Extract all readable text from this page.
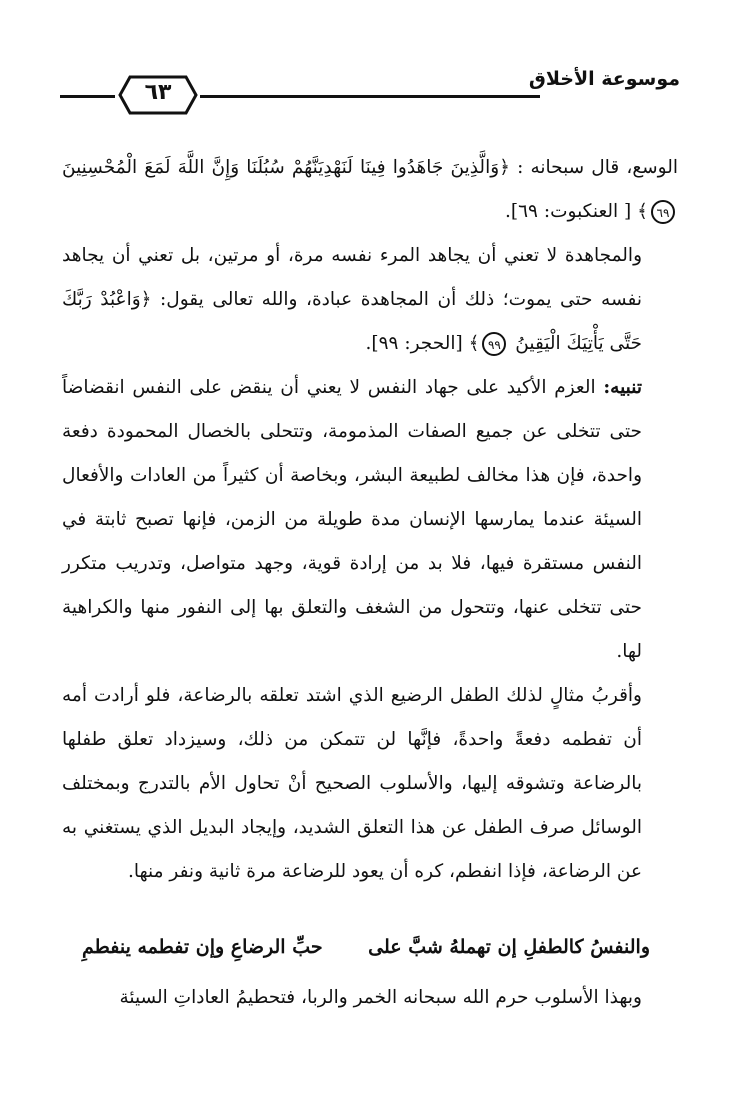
موسوعة الأخلاق
٦٣

الوسع، قال سبحانه : ﴿وَالَّذِينَ جَاهَدُوا فِينَا لَنَهْدِيَنَّهُمْ سُبُلَنَا وَإِنَّ اللَّهَ لَمَعَ الْمُحْسِنِينَ ٦٩﴾ [ العنكبوت: ٦٩].

والمجاهدة لا تعني أن يجاهد المرء نفسه مرة، أو مرتين، بل تعني أن يجاهد نفسه حتى يموت؛ ذلك أن المجاهدة عبادة، والله تعالى يقول: ﴿وَاعْبُدْ رَبَّكَ حَتَّى يَأْتِيَكَ الْيَقِينُ ٩٩﴾ [الحجر: ٩٩].

تنبيه: العزم الأكيد على جهاد النفس لا يعني أن ينقض على النفس انقضاضاً حتى تتخلى عن جميع الصفات المذمومة، وتتحلى بالخصال المحمودة دفعة واحدة، فإن هذا مخالف لطبيعة البشر، وبخاصة أن كثيراً من العادات والأفعال السيئة عندما يمارسها الإنسان مدة طويلة من الزمن، فإنها تصبح ثابتة في النفس مستقرة فيها، فلا بد من إرادة قوية، وجهد متواصل، وتدريب متكرر حتى تتخلى عنها، وتتحول من الشغف والتعلق بها إلى النفور منها والكراهية لها.

وأقربُ مثالٍ لذلك الطفل الرضيع الذي اشتد تعلقه بالرضاعة، فلو أرادت أمه أن تفطمه دفعةً واحدةً، فإنَّها لن تتمكن من ذلك، وسيزداد تعلق طفلها بالرضاعة وتشوقه إليها، والأسلوب الصحيح أنْ تحاول الأم بالتدرج وبمختلف الوسائل صرف الطفل عن هذا التعلق الشديد، وإيجاد البديل الذي يستغني به عن الرضاعة، فإذا انفطم، كره أن يعود للرضاعة مرة ثانية ونفر منها.

والنفسُ كالطفلِ إن تهملهُ شبَّ على
حبِّ الرضاعِ وإن تفطمه ينفطمِ
وبهذا الأسلوب حرم الله سبحانه الخمر والربا، فتحطيمُ العاداتِ السيئة
